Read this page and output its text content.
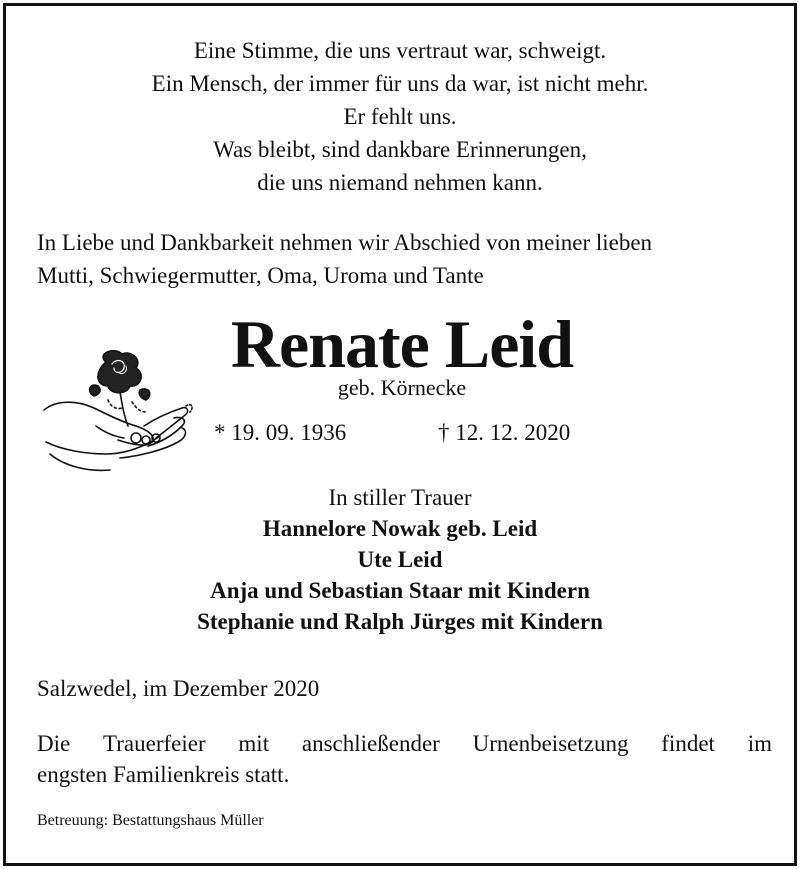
Eine Stimme, die uns vertraut war, schweigt.
Ein Mensch, der immer für uns da war, ist nicht mehr.
Er fehlt uns.
Was bleibt, sind dankbare Erinnerungen,
die uns niemand nehmen kann.
In Liebe und Dankbarkeit nehmen wir Abschied von meiner lieben
Mutti, Schwiegermutter, Oma, Uroma und Tante
Renate Leid
geb. Körnecke
* 19. 09. 1936	† 12. 12. 2020
In stiller Trauer
Hannelore Nowak geb. Leid
Ute Leid
Anja und Sebastian Staar mit Kindern
Stephanie und Ralph Jürges mit Kindern
Salzwedel, im Dezember 2020
Die Trauerfeier mit anschließender Urnenbeisetzung findet im
engsten Familienkreis statt.
Betreuung: Bestattungshaus Müller
